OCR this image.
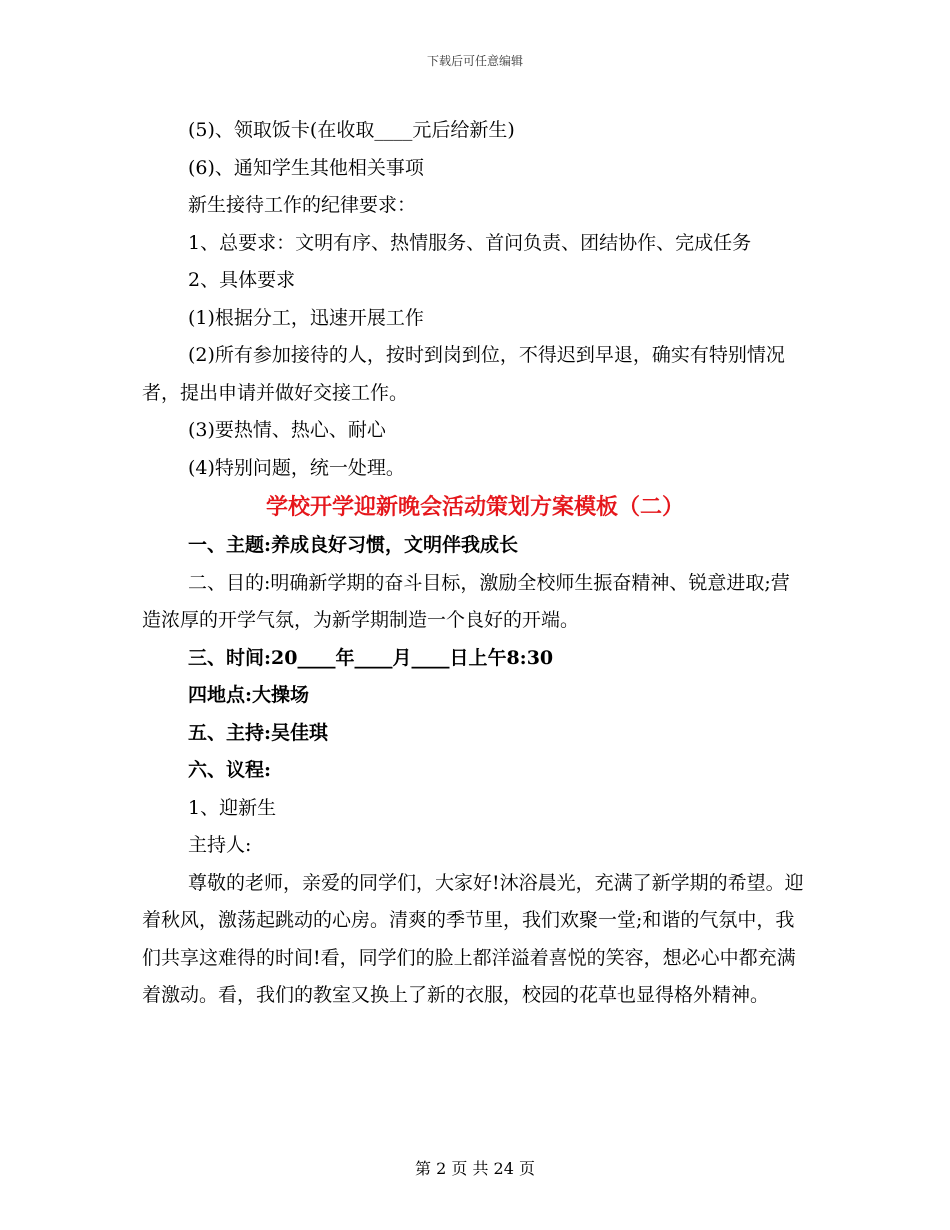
下载后可任意编辑

(5)、领取饭卡(在收取____元后给新生)

(6)、通知学生其他相关事项

新生接待工作的纪律要求：

1、总要求：文明有序、热情服务、首问负责、团结协作、完成任务

2、具体要求

(1)根据分工，迅速开展工作

(2)所有参加接待的人，按时到岗到位，不得迟到早退，确实有特别情况者，提出申请并做好交接工作。

(3)要热情、热心、耐心

(4)特别问题，统一处理。

学校开学迎新晚会活动策划方案模板（二）

一、主题:养成良好习惯，文明伴我成长

二、目的:明确新学期的奋斗目标，激励全校师生振奋精神、锐意进取;营造浓厚的开学气氛，为新学期制造一个良好的开端。

三、时间:20____年____月____日上午8:30

四地点:大操场

五、主持:吴佳琪

六、议程:

1、迎新生

主持人:

尊敬的老师，亲爱的同学们，大家好!沐浴晨光，充满了新学期的希望。迎着秋风，激荡起跳动的心房。清爽的季节里，我们欢聚一堂;和谐的气氛中，我们共享这难得的时间!看，同学们的脸上都洋溢着喜悦的笑容，想必心中都充满着激动。看，我们的教室又换上了新的衣服，校园的花草也显得格外精神。

第 2 页 共 24 页
